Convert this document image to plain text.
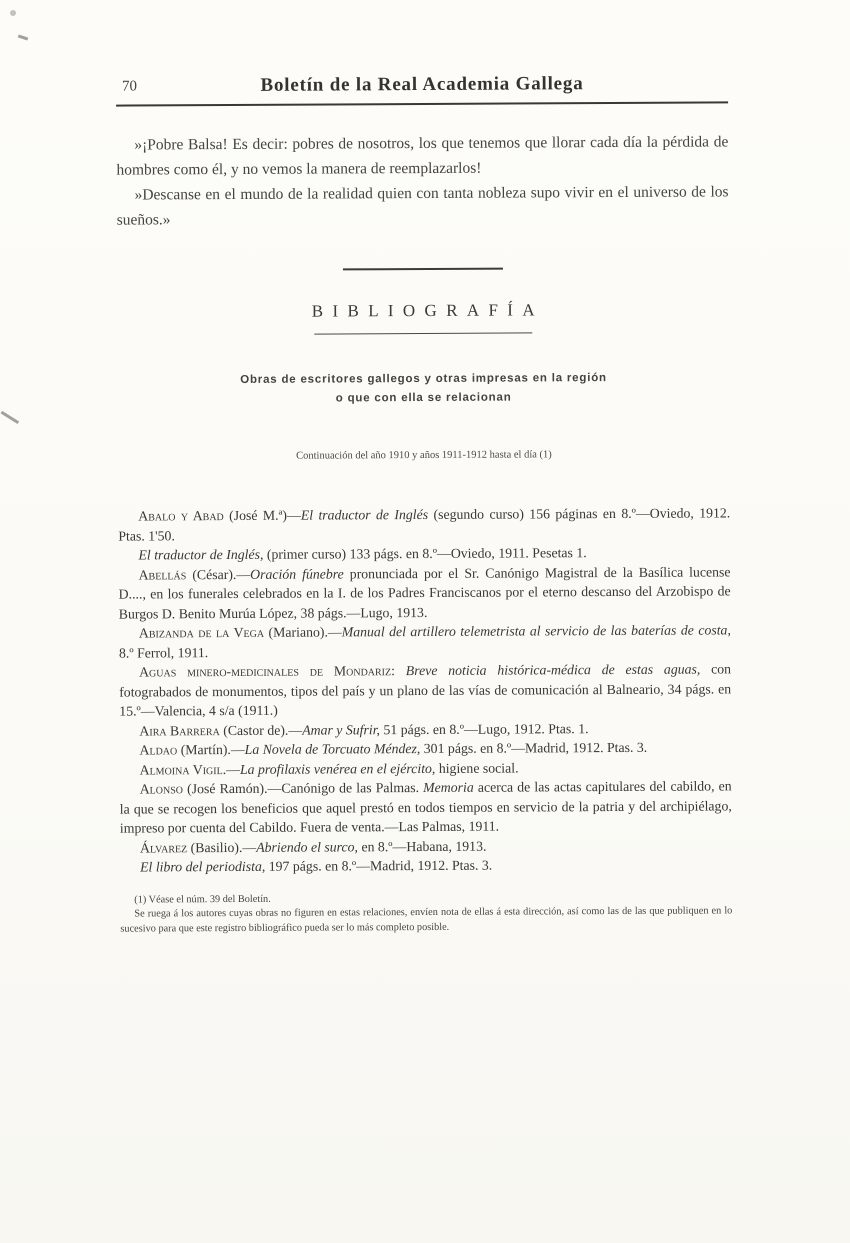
70	Boletín de la Real Academia Gallega

»¡Pobre Balsa! Es decir: pobres de nosotros, los que tenemos que llorar cada día la pérdida de hombres como él, y no vemos la manera de reemplazarlos!

»Descanse en el mundo de la realidad quien con tanta nobleza supo vivir en el universo de los sueños.»

BIBLIOGRAFÍA
Obras de escritores gallegos y otras impresas en la región
o que con ella se relacionan

Continuación del año 1910 y años 1911-1912 hasta el día (1)

Abalo y Abad (José M.ª)—El traductor de Inglés (segundo curso) 156 páginas en 8.º—Oviedo, 1912. Ptas. 1'50.

El traductor de Inglés, (primer curso) 133 págs. en 8.º—Oviedo, 1911. Pesetas 1.

Abellás (César).—Oración fúnebre pronunciada por el Sr. Canónigo Magistral de la Basílica lucense D...., en los funerales celebrados en la I. de los Padres Franciscanos por el eterno descanso del Arzobispo de Burgos D. Benito Murúa López, 38 págs.—Lugo, 1913.

Abizanda de la Vega (Mariano).—Manual del artillero telemetrista al servicio de las baterías de costa, 8.º Ferrol, 1911.

Aguas minero-medicinales de Mondariz: Breve noticia histórica-médica de estas aguas, con fotograbados de monumentos, tipos del país y un plano de las vías de comunicación al Balneario, 34 págs. en 15.º—Valencia, 4 s/a (1911.)

Aira Barrera (Castor de).—Amar y Sufrir, 51 págs. en 8.º—Lugo, 1912. Ptas. 1.

Aldao (Martín).—La Novela de Torcuato Méndez, 301 págs. en 8.º—Madrid, 1912. Ptas. 3.

Almoina Vigil.—La profilaxis venérea en el ejército, higiene social.

Alonso (José Ramón).—Canónigo de las Palmas. Memoria acerca de las actas capitulares del cabildo, en la que se recogen los beneficios que aquel prestó en todos tiempos en servicio de la patria y del archipiélago, impreso por cuenta del Cabildo. Fuera de venta.—Las Palmas, 1911.

Álvarez (Basilio).—Abriendo el surco, en 8.º—Habana, 1913.

El libro del periodista, 197 págs. en 8.º—Madrid, 1912. Ptas. 3.

(1) Véase el núm. 39 del Boletín.

Se ruega á los autores cuyas obras no figuren en estas relaciones, envíen nota de ellas á esta dirección, así como las de las que publiquen en lo sucesivo para que este registro bibliográfico pueda ser lo más completo posible.
